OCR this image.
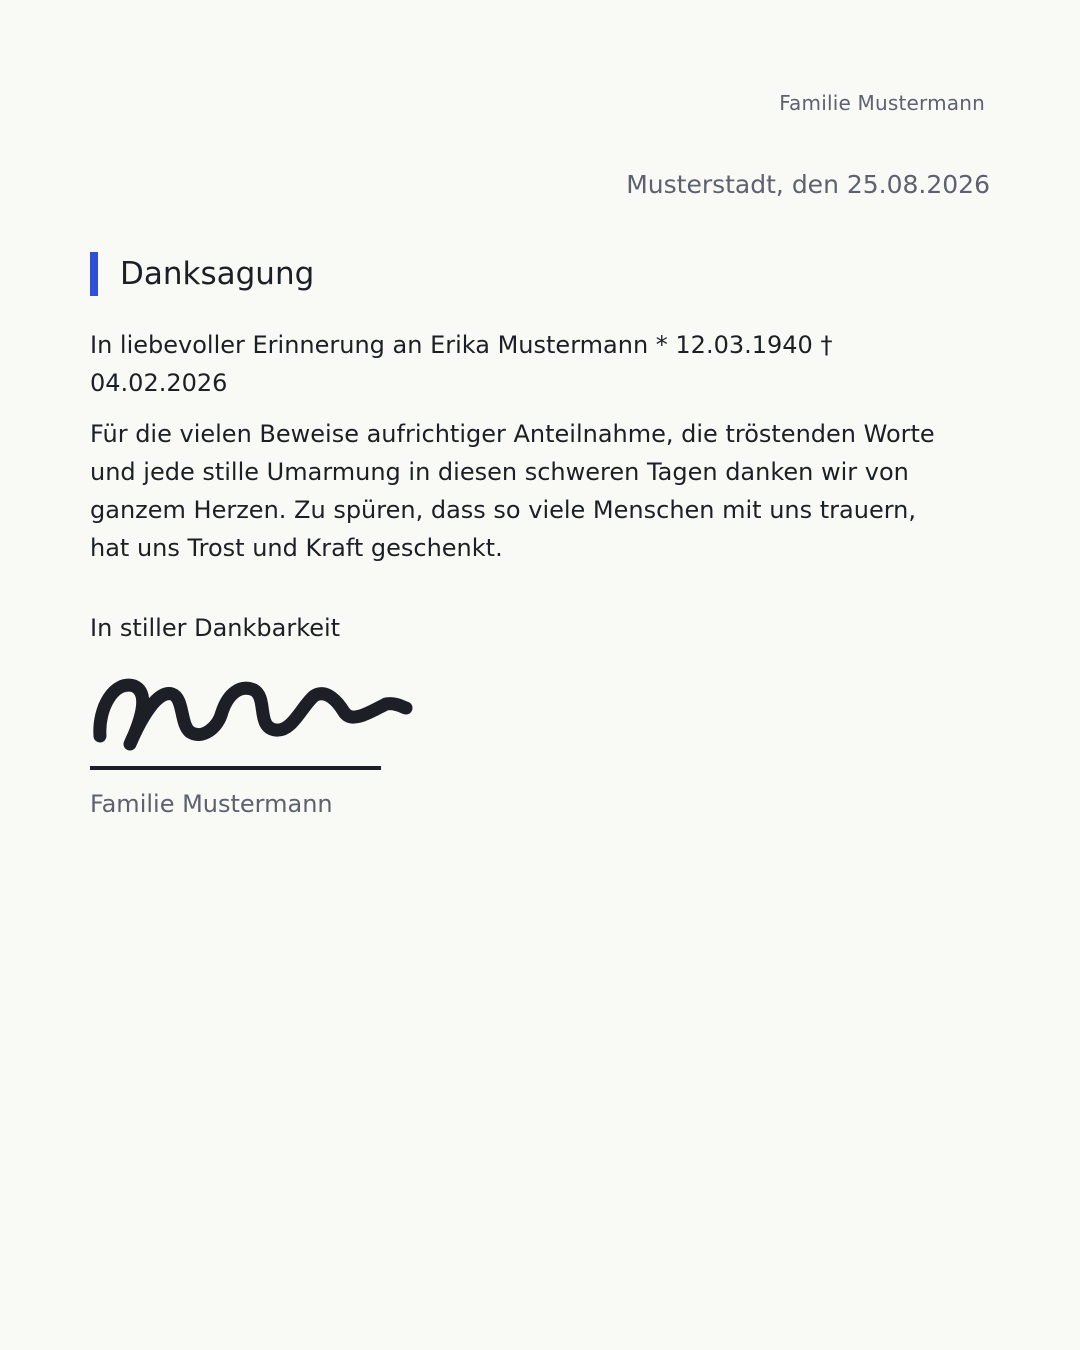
Familie Mustermann
Musterstadt, den 25.08.2026
Danksagung

In liebevoller Erinnerung an Erika Mustermann * 12.03.1940 † 04.02.2026

Für die vielen Beweise aufrichtiger Anteilnahme, die tröstenden Worte und jede stille Umarmung in diesen schweren Tagen danken wir von ganzem Herzen. Zu spüren, dass so viele Menschen mit uns trauern, hat uns Trost und Kraft geschenkt.

In stiller Dankbarkeit
Familie Mustermann
